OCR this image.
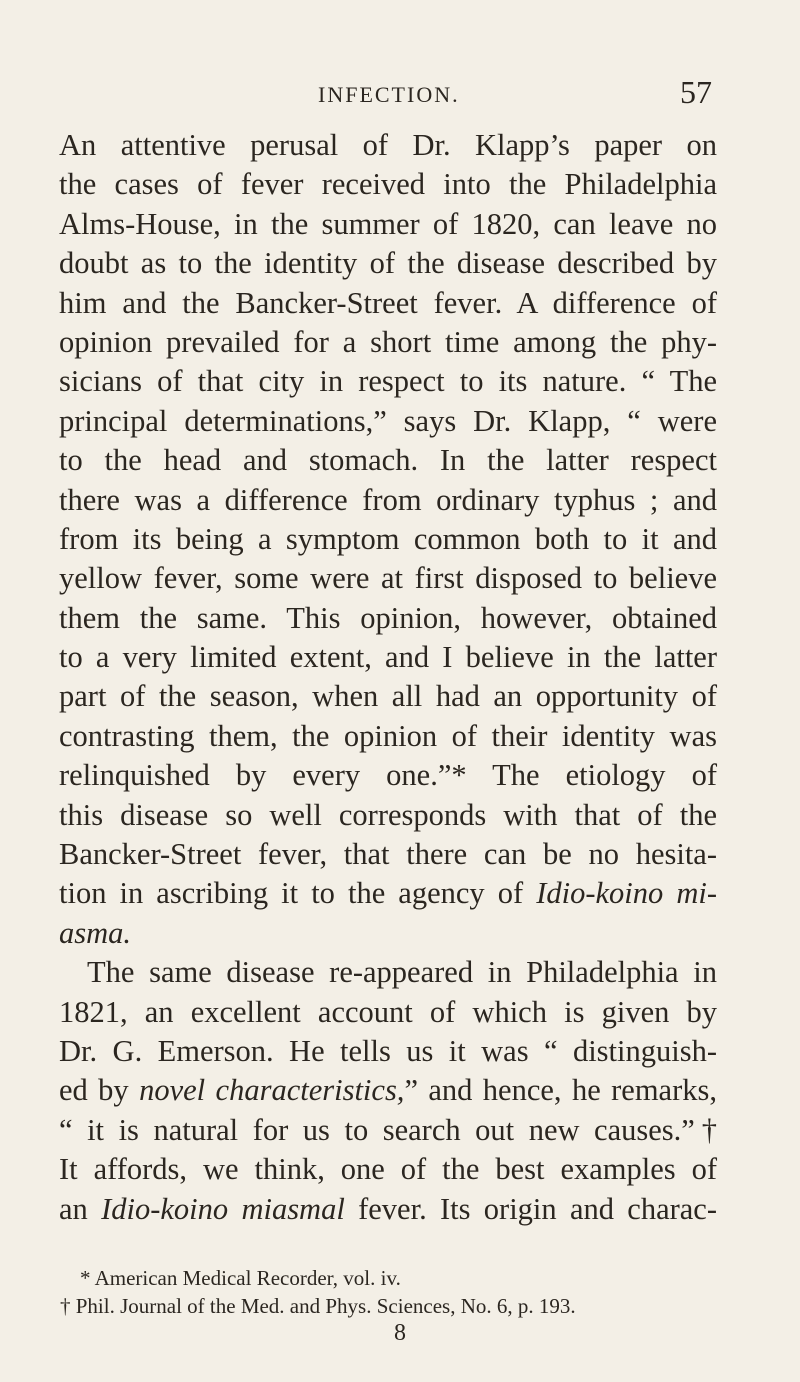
INFECTION.	57
An attentive perusal of Dr. Klapp’s paper on
the cases of fever received into the Philadelphia
Alms-House, in the summer of 1820, can leave no
doubt as to the identity of the disease described by
him and the Bancker-Street fever. A difference of
opinion prevailed for a short time among the phy-
sicians of that city in respect to its nature. “ The
principal determinations,” says Dr. Klapp, “ were
to the head and stomach. In the latter respect
there was a difference from ordinary typhus ; and
from its being a symptom common both to it and
yellow fever, some were at first disposed to believe
them the same. This opinion, however, obtained
to a very limited extent, and I believe in the latter
part of the season, when all had an opportunity of
contrasting them, the opinion of their identity was
relinquished by every one.”* The etiology of
this disease so well corresponds with that of the
Bancker-Street fever, that there can be no hesita-
tion in ascribing it to the agency of Idio-koino mi-
asma.
The same disease re-appeared in Philadelphia in
1821, an excellent account of which is given by
Dr. G. Emerson. He tells us it was “ distinguish-
ed by novel characteristics,” and hence, he remarks,
“ it is natural for us to search out new causes.”†
It affords, we think, one of the best examples of
an Idio-koino miasmal fever. Its origin and charac-
* American Medical Recorder, vol. iv.
† Phil. Journal of the Med. and Phys. Sciences, No. 6, p. 193.
8
